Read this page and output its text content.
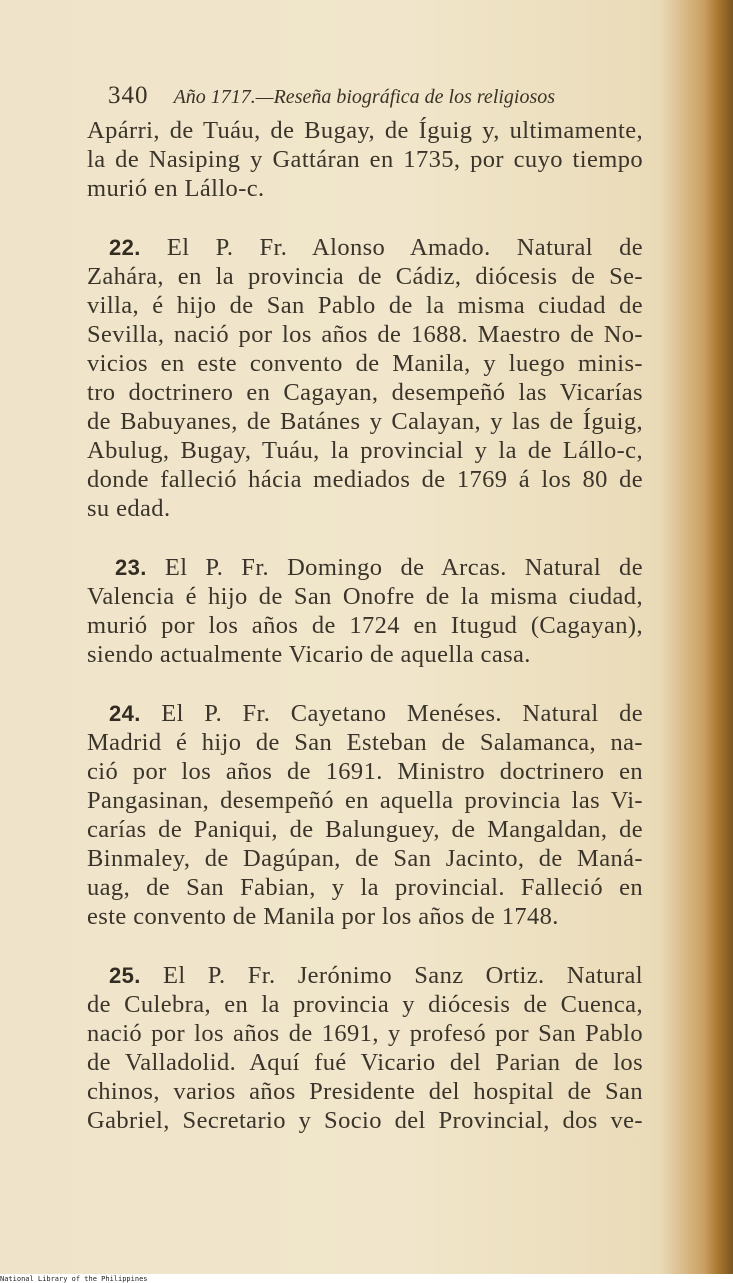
340 Año 1717.—Reseña biográfica de los religiosos
Apárri, de Tuáu, de Bugay, de Íguig y, ultimamente,
la de Nasiping y Gattáran en 1735, por cuyo tiempo
murió en Lállo-c.
22. El P. Fr. Alonso Amado. Natural de
Zahára, en la provincia de Cádiz, diócesis de Se-
villa, é hijo de San Pablo de la misma ciudad de
Sevilla, nació por los años de 1688. Maestro de No-
vicios en este convento de Manila, y luego minis-
tro doctrinero en Cagayan, desempeñó las Vicarías
de Babuyanes, de Batánes y Calayan, y las de Íguig,
Abulug, Bugay, Tuáu, la provincial y la de Lállo-c,
donde falleció hácia mediados de 1769 á los 80 de
su edad.
23. El P. Fr. Domingo de Arcas. Natural de
Valencia é hijo de San Onofre de la misma ciudad,
murió por los años de 1724 en Itugud (Cagayan),
siendo actualmente Vicario de aquella casa.
24. El P. Fr. Cayetano Menéses. Natural de
Madrid é hijo de San Esteban de Salamanca, na-
ció por los años de 1691. Ministro doctrinero en
Pangasinan, desempeñó en aquella provincia las Vi-
carías de Paniqui, de Balunguey, de Mangaldan, de
Binmaley, de Dagúpan, de San Jacinto, de Maná-
uag, de San Fabian, y la provincial. Falleció en
este convento de Manila por los años de 1748.
25. El P. Fr. Jerónimo Sanz Ortiz. Natural
de Culebra, en la provincia y diócesis de Cuenca,
nació por los años de 1691, y profesó por San Pablo
de Valladolid. Aquí fué Vicario del Parian de los
chinos, varios años Presidente del hospital de San
Gabriel, Secretario y Socio del Provincial, dos ve-
National Library of the Philippines
